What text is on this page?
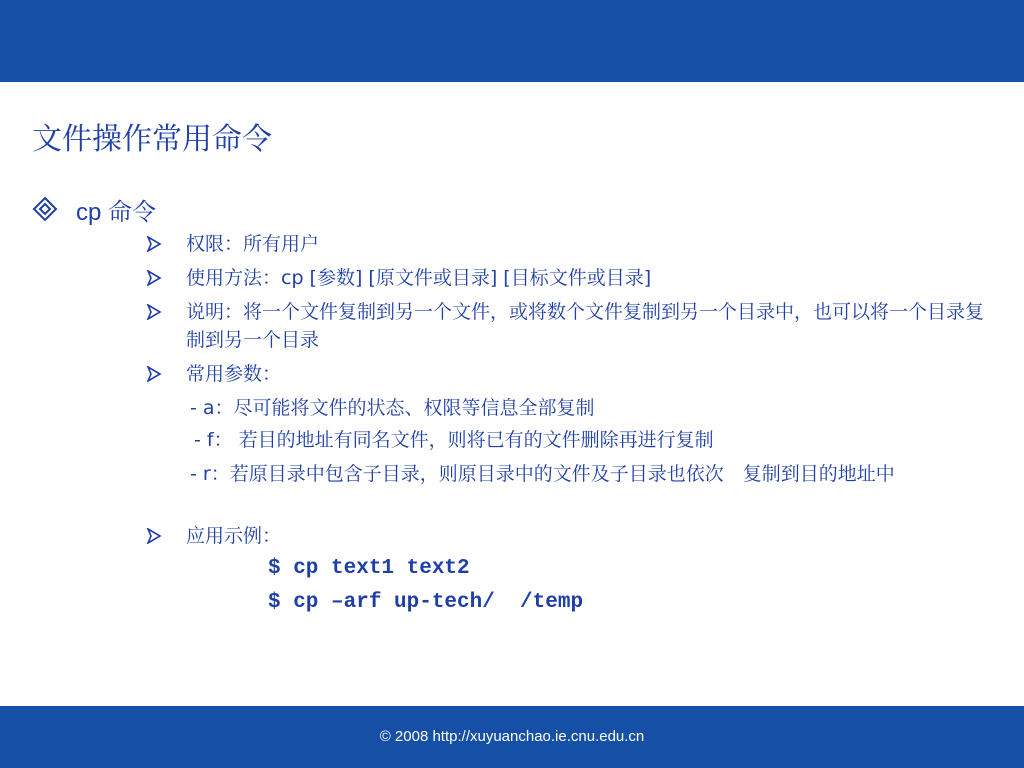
文件操作常用命令
cp 命令
权限：所有用户
使用方法：cp [参数] [原文件或目录] [目标文件或目录]
说明：将一个文件复制到另一个文件，或将数个文件复制到另一个目录中，也可以将一个目录复制到另一个目录
常用参数：
- a：尽可能将文件的状态、权限等信息全部复制
- f： 若目的地址有同名文件，则将已有的文件删除再进行复制
- r：若原目录中包含子目录，则原目录中的文件及子目录也依次　复制到目的地址中
应用示例：
$ cp text1 text2
$ cp –arf up-tech/  /temp
© 2008 http://xuyuanchao.ie.cnu.edu.cn
